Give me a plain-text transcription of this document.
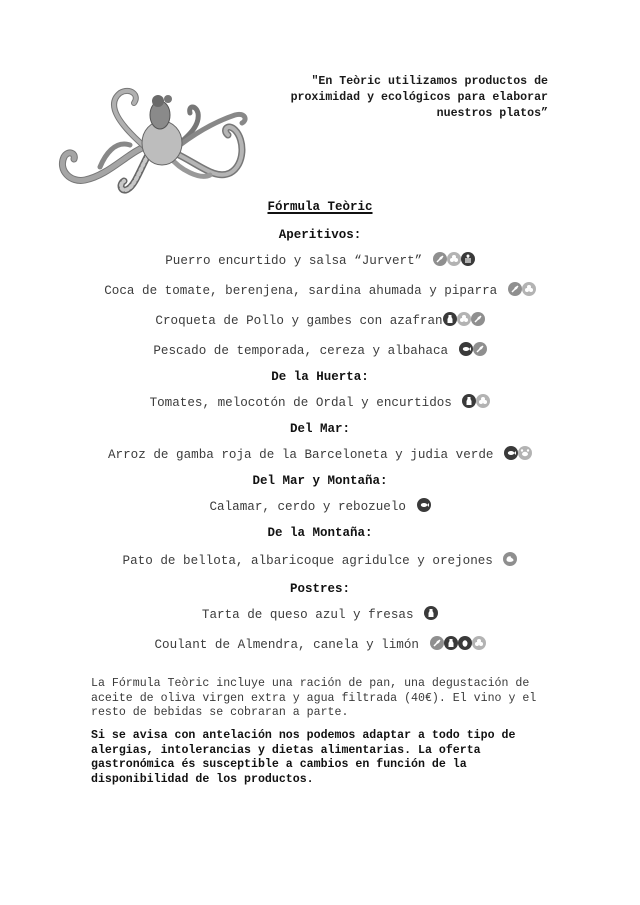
"En Teòric utilizamos productos de
proximidad y ecológicos para elaborar
nuestros platos”
Fórmula Teòric
Aperitivos:
Puerro encurtido y salsa “Jurvert”
Coca de tomate, berenjena, sardina ahumada y piparra
Croqueta de Pollo y gambes con azafran
Pescado de temporada, cereza y albahaca
De la Huerta:
Tomates, melocotón de Ordal y encurtidos
Del Mar:
Arroz de gamba roja de la Barceloneta y judia verde
Del Mar y Montaña:
Calamar, cerdo y rebozuelo
De la Montaña:
Pato de bellota, albaricoque agridulce y orejones
Postres:
Tarta de queso azul y fresas
Coulant de Almendra, canela y limón
La Fórmula Teòric incluye una ración de pan, una degustación de
aceite de oliva virgen extra y agua filtrada (40€). El vino y el
resto de bebidas se cobraran a parte.
Si se avisa con antelación nos podemos adaptar a todo tipo de
alergias, intolerancias y dietas alimentarias. La oferta
gastronómica és susceptible a cambios en función de la
disponibilidad de los productos.
